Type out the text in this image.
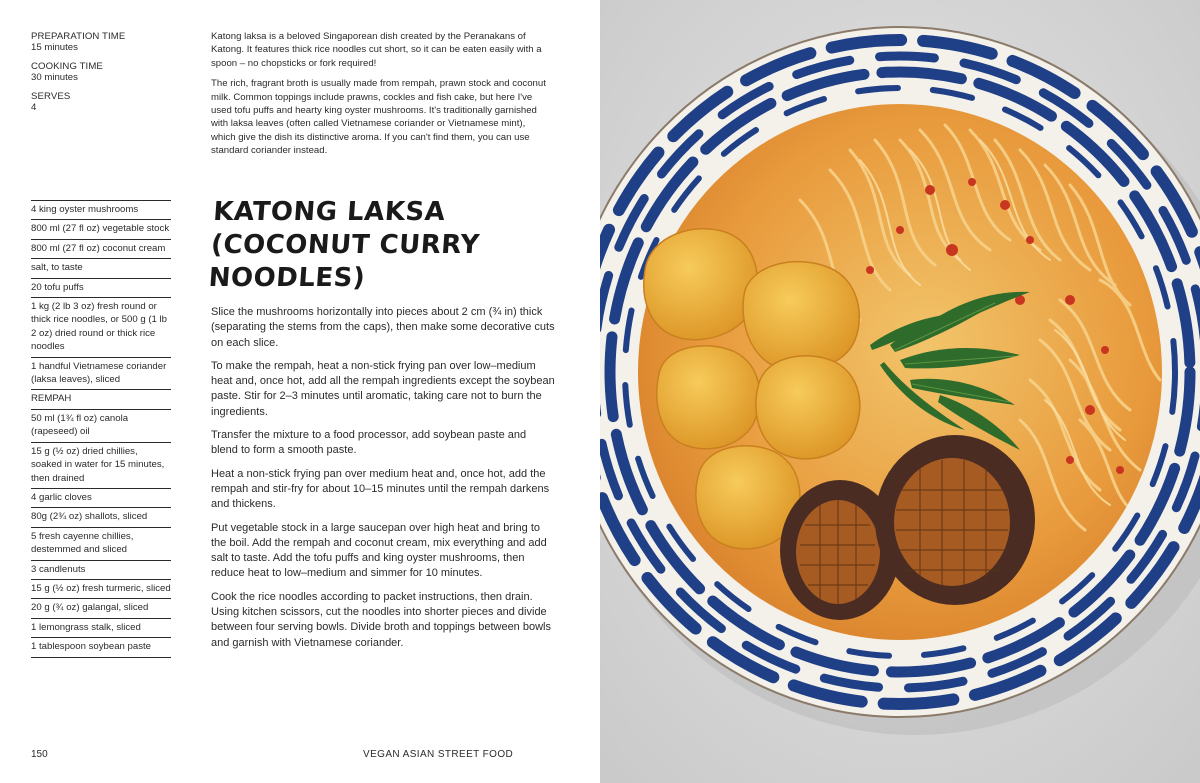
PREPARATION TIME
15 minutes
COOKING TIME
30 minutes
SERVES
4

Katong laksa is a beloved Singaporean dish created by the Peranakans of Katong. It features thick rice noodles cut short, so it can be eaten easily with a spoon – no chopsticks or fork required!

The rich, fragrant broth is usually made from rempah, prawn stock and coconut milk. Common toppings include prawns, cockles and fish cake, but here I've used tofu puffs and hearty king oyster mushrooms. It's traditionally garnished with laksa leaves (often called Vietnamese coriander or Vietnamese mint), which give the dish its distinctive aroma. If you can't find them, you can use standard coriander instead.

4 king oyster mushrooms
800 ml (27 fl oz) vegetable stock
800 ml (27 fl oz) coconut cream
salt, to taste
20 tofu puffs
1 kg (2 lb 3 oz) fresh round or thick rice noodles, or 500 g (1 lb 2 oz) dried round or thick rice noodles
1 handful Vietnamese coriander (laksa leaves), sliced
REMPAH
50 ml (1¾ fl oz) canola (rapeseed) oil
15 g (½ oz) dried chillies, soaked in water for 15 minutes, then drained
4 garlic cloves
80g (2¾ oz) shallots, sliced
5 fresh cayenne chillies, destemmed and sliced
3 candlenuts
15 g (½ oz) fresh turmeric, sliced
20 g (¾ oz) galangal, sliced
1 lemongrass stalk, sliced
1 tablespoon soybean paste
KATONG LAKSA
(COCONUT CURRY NOODLES)

Slice the mushrooms horizontally into pieces about 2 cm (¾ in) thick (separating the stems from the caps), then make some decorative cuts on each slice.

To make the rempah, heat a non-stick frying pan over low–medium heat and, once hot, add all the rempah ingredients except the soybean paste. Stir for 2–3 minutes until aromatic, taking care not to burn the ingredients.

Transfer the mixture to a food processor, add soybean paste and blend to form a smooth paste.

Heat a non-stick frying pan over medium heat and, once hot, add the rempah and stir-fry for about 10–15 minutes until the rempah darkens and thickens.

Put vegetable stock in a large saucepan over high heat and bring to the boil. Add the rempah and coconut cream, mix everything and add salt to taste. Add the tofu puffs and king oyster mushrooms, then reduce heat to low–medium and simmer for 10 minutes.

Cook the rice noodles according to packet instructions, then drain. Using kitchen scissors, cut the noodles into shorter pieces and divide between four serving bowls. Divide broth and toppings between bowls and garnish with Vietnamese coriander.

150	VEGAN ASIAN STREET FOOD
